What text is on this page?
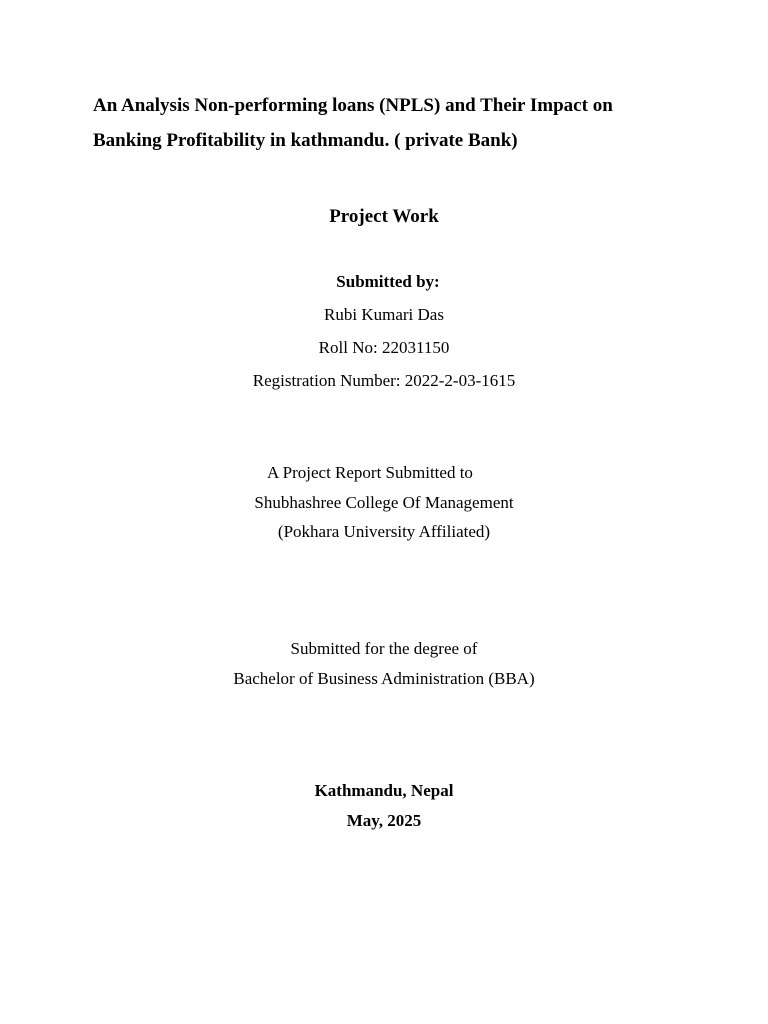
An Analysis Non-performing loans (NPLS) and Their Impact on
Banking Profitability in kathmandu. ( private Bank)
Project Work
Submitted by:
Rubi Kumari Das
Roll No: 22031150
Registration Number: 2022-2-03-1615
A Project Report Submitted to
Shubhashree College Of Management
(Pokhara University Affiliated)
Submitted for the degree of
Bachelor of Business Administration (BBA)
Kathmandu, Nepal
May, 2025
